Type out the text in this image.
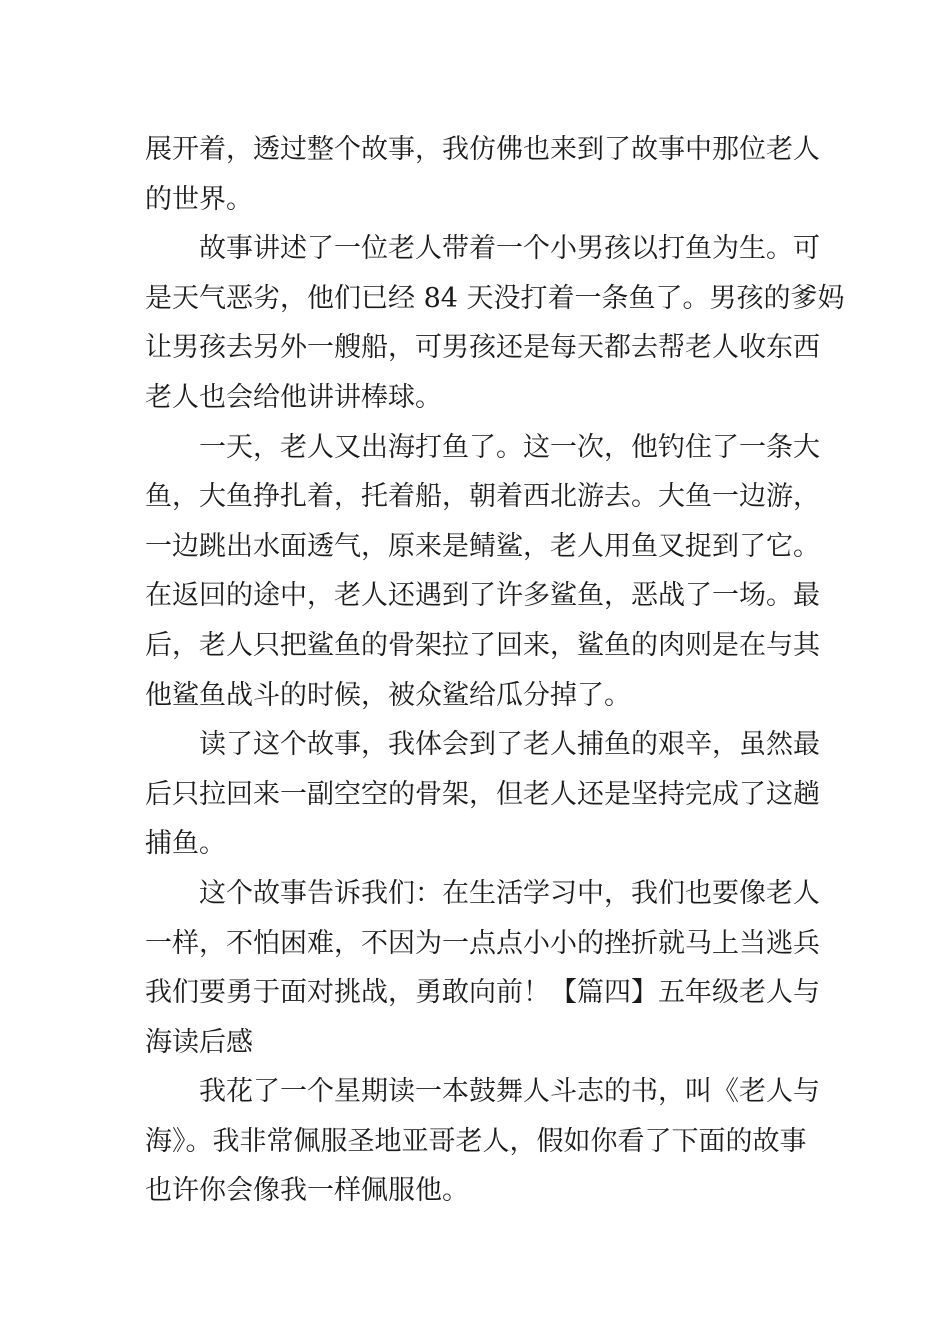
展开着，透过整个故事，我仿佛也来到了故事中那位老人
的世界。
故事讲述了一位老人带着一个小男孩以打鱼为生。可
是天气恶劣，他们已经 84 天没打着一条鱼了。男孩的爹妈
让男孩去另外一艘船，可男孩还是每天都去帮老人收东西
老人也会给他讲讲棒球。
一天，老人又出海打鱼了。这一次，他钓住了一条大
鱼，大鱼挣扎着，托着船，朝着西北游去。大鱼一边游，
一边跳出水面透气，原来是鲭鲨，老人用鱼叉捉到了它。
在返回的途中，老人还遇到了许多鲨鱼，恶战了一场。最
后，老人只把鲨鱼的骨架拉了回来，鲨鱼的肉则是在与其
他鲨鱼战斗的时候，被众鲨给瓜分掉了。
读了这个故事，我体会到了老人捕鱼的艰辛，虽然最
后只拉回来一副空空的骨架，但老人还是坚持完成了这趟
捕鱼。
这个故事告诉我们：在生活学习中，我们也要像老人
一样，不怕困难，不因为一点点小小的挫折就马上当逃兵
我们要勇于面对挑战，勇敢向前！【篇四】五年级老人与
海读后感
我花了一个星期读一本鼓舞人斗志的书，叫《老人与
海》。我非常佩服圣地亚哥老人，假如你看了下面的故事
也许你会像我一样佩服他。
